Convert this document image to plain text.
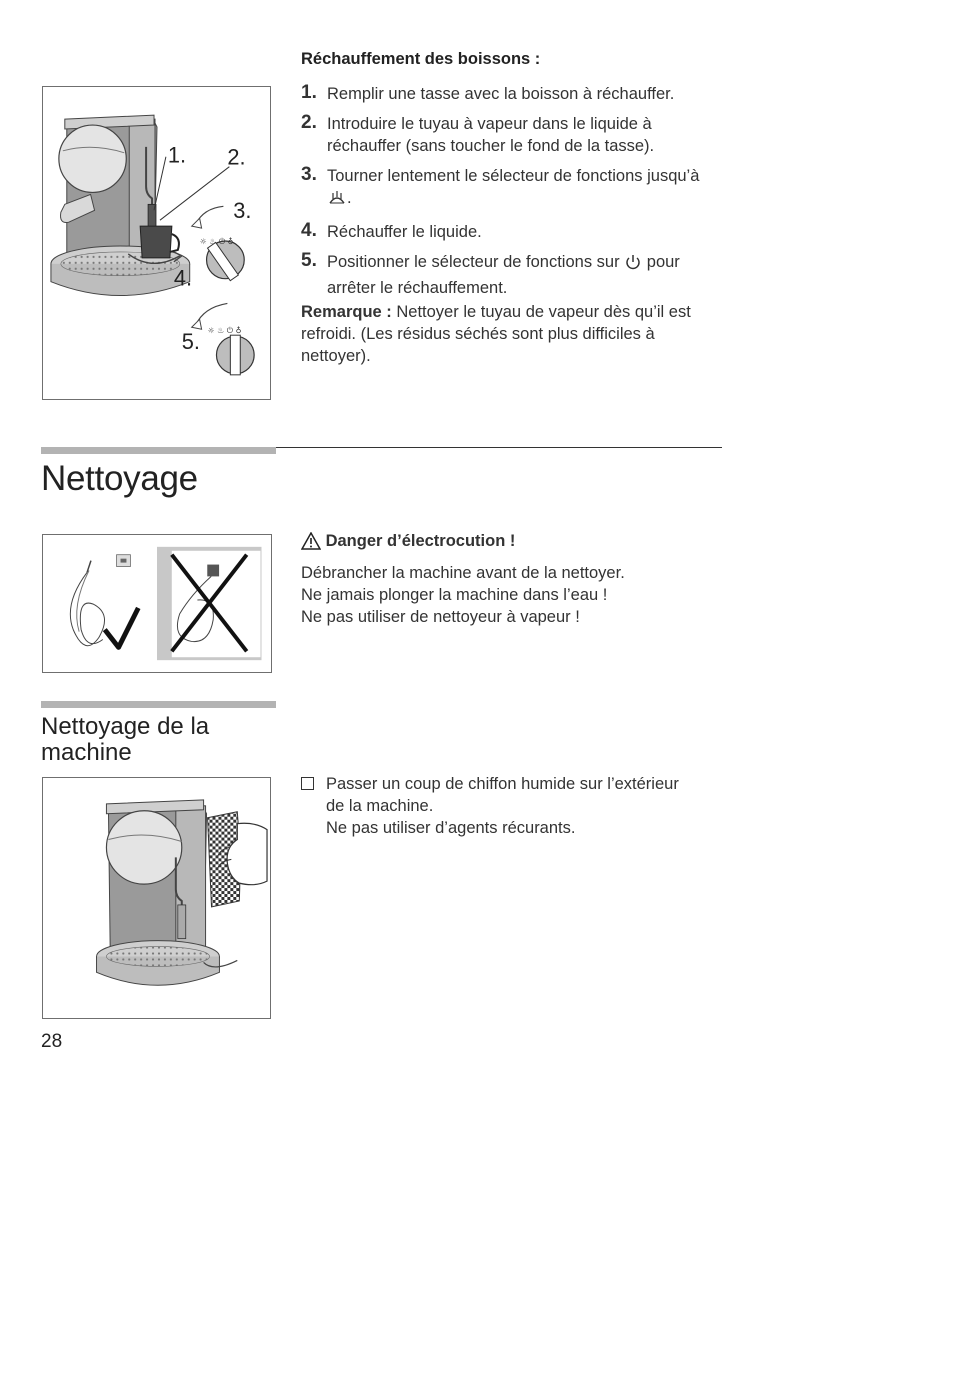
1. 2.
3.
4.
5.
☼ ♨ ⏻ ♁
☼ ♨ ⏻ ♁
Réchauffement des boissons :
1. Remplir une tasse avec la boisson à réchauffer.
2. Introduire le tuyau à vapeur dans le liquide à réchauffer (sans toucher le fond de la tasse).
3. Tourner lentement le sélecteur de fonctions jusqu’à .
4. Réchauffer le liquide.
5. Positionner le sélecteur de fonctions sur pour arrêter le réchauffement.
Remarque : Nettoyer le tuyau de vapeur dès qu’il est refroidi. (Les résidus séchés sont plus difficiles à nettoyer).
Nettoyage
Danger d’électrocution !
Débrancher la machine avant de la nettoyer.
Ne jamais plonger la machine dans l’eau !
Ne pas utiliser de nettoyeur à vapeur !
Nettoyage de la
machine
Passer un coup de chiffon humide sur l’extérieur
de la machine.
Ne pas utiliser d’agents récurants.
28
